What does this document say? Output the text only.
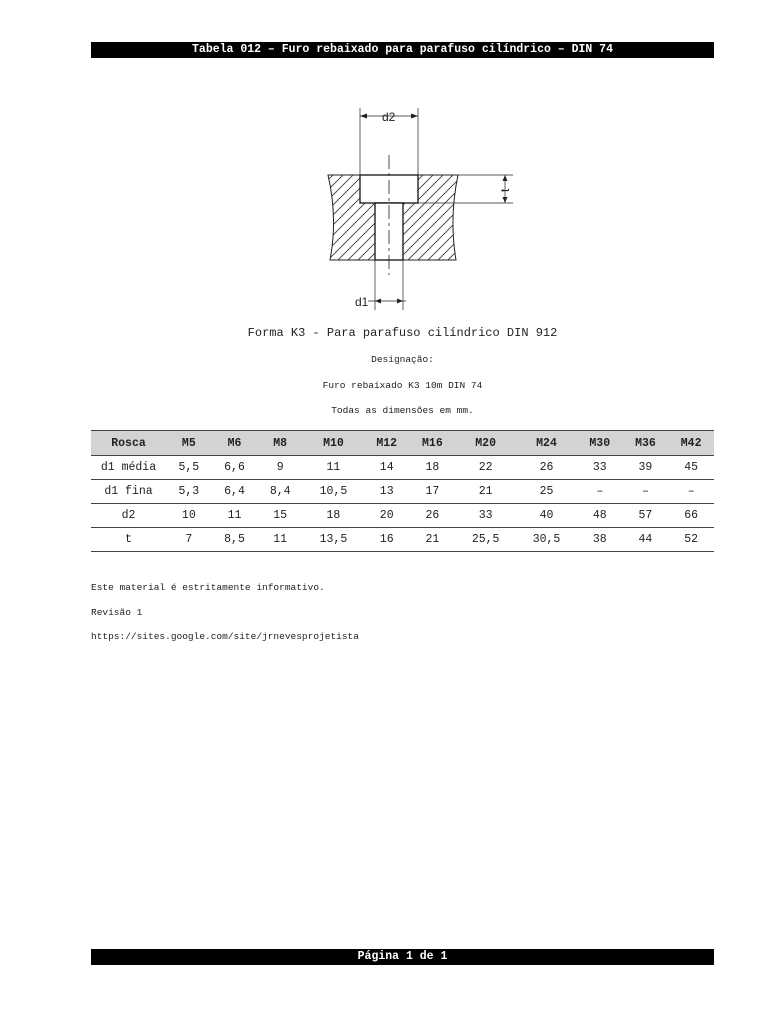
Tabela 012 – Furo rebaixado para parafuso cilíndrico – DIN 74
d2
t
d1
Forma K3 - Para parafuso cilíndrico DIN 912
Designação:
Furo rebaixado K3 10m DIN 74
Todas as dimensões em mm.
Rosca	M5	M6	M8	M10	M12	M16	M20	M24	M30	M36	M42
d1 média	5,5	6,6	9	11	14	18	22	26	33	39	45
d1 fina	5,3	6,4	8,4	10,5	13	17	21	25	–	–	–
d2	10	11	15	18	20	26	33	40	48	57	66
t	7	8,5	11	13,5	16	21	25,5	30,5	38	44	52
Este material é estritamente informativo.
Revisão 1
https://sites.google.com/site/jrnevesprojetista
Página 1 de 1
